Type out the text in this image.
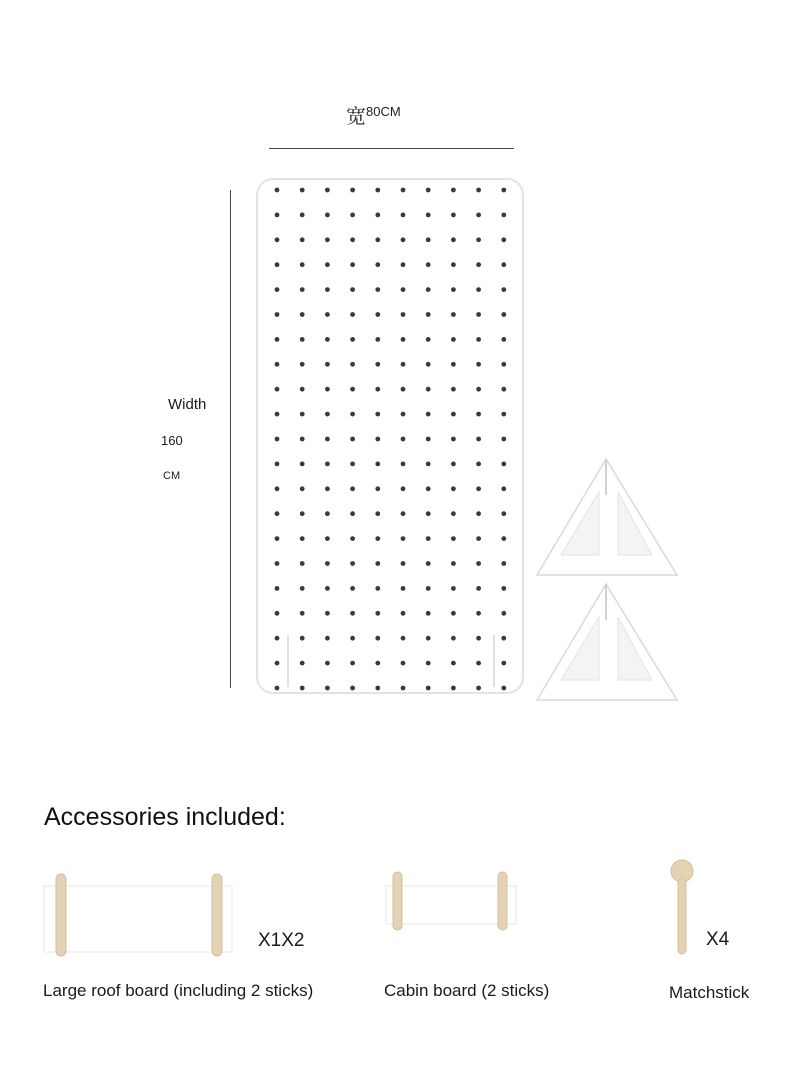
宽$^{80CM}$
Width
160
CM
Accessories included:
X1X2
Large roof board (including 2 sticks)	Cabin board (2 sticks)
X4
Matchstick
